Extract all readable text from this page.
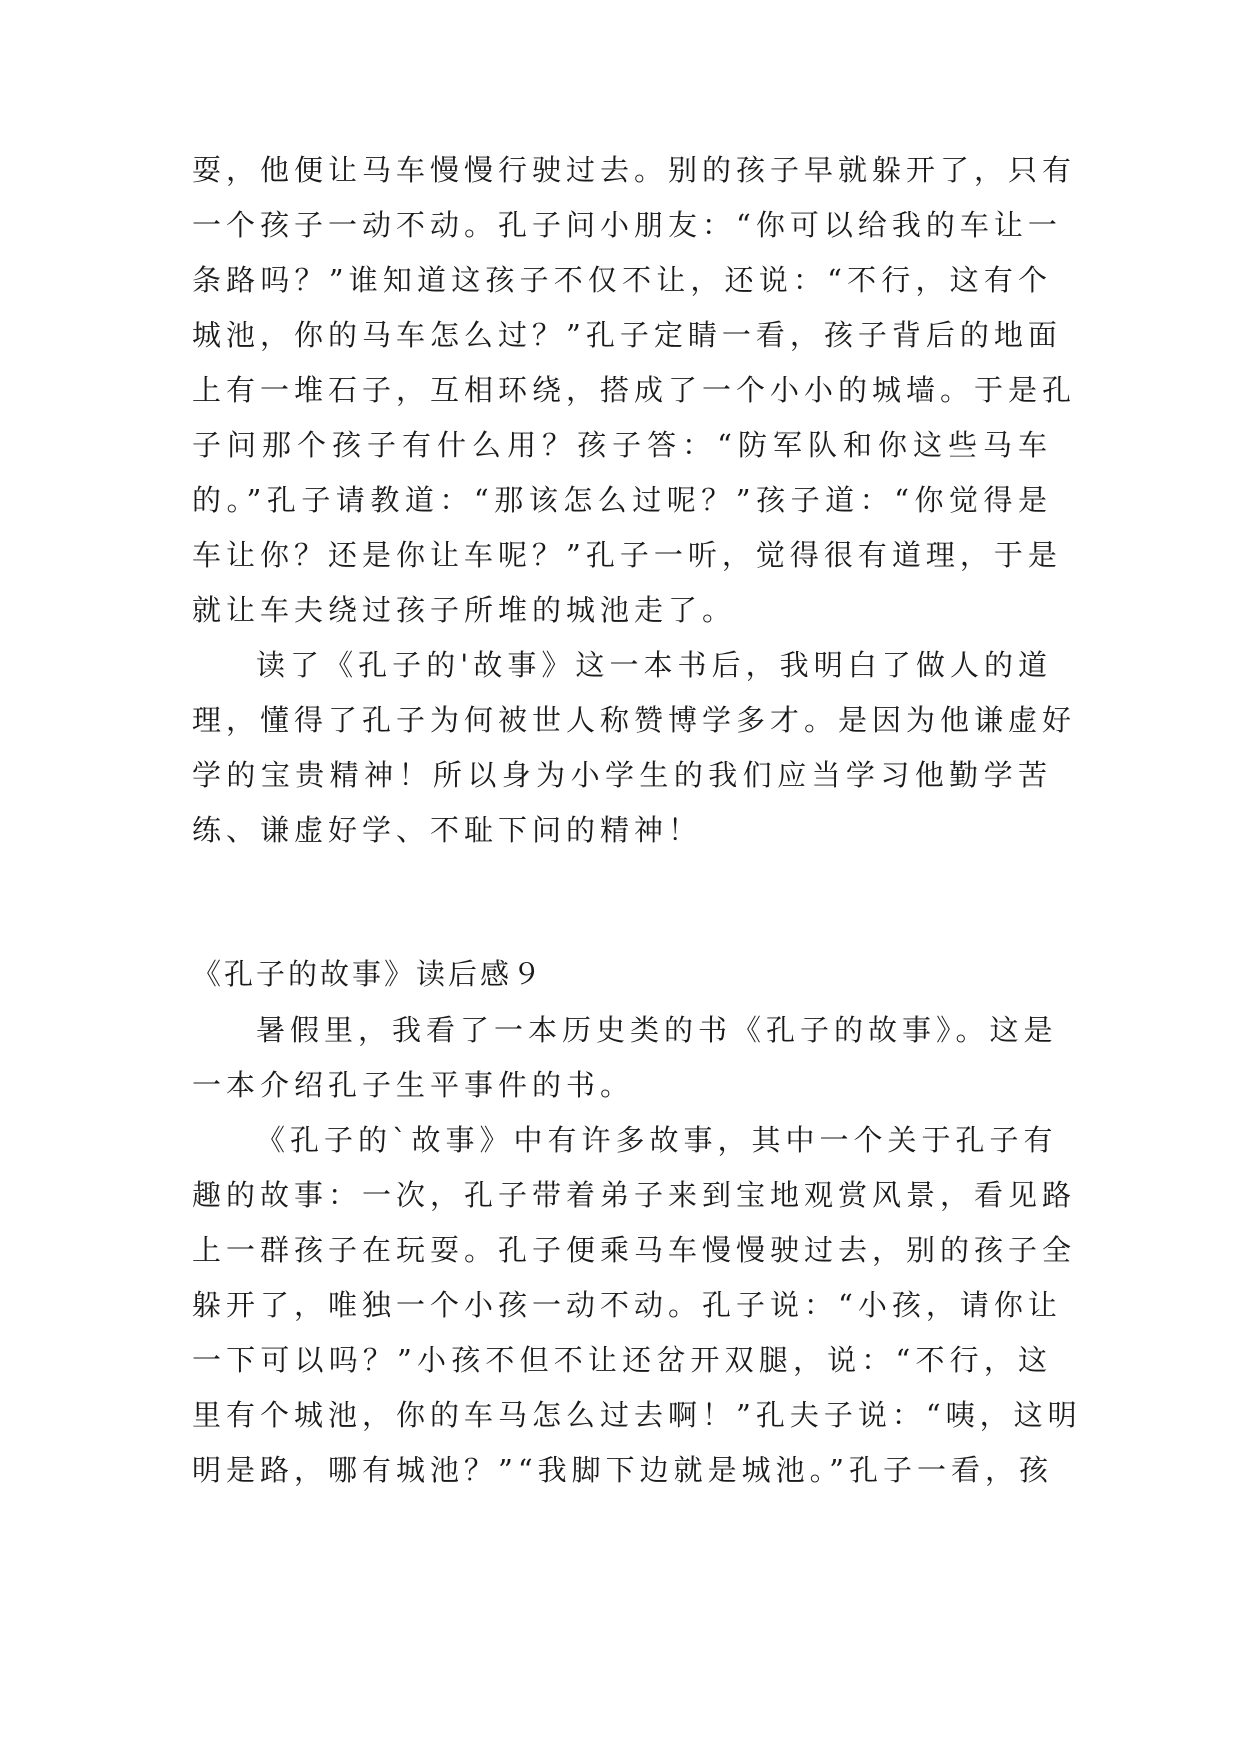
耍，他便让马车慢慢行驶过去。别的孩子早就躲开了，只有
一个孩子一动不动。孔子问小朋友：“你可以给我的车让一
条路吗？”谁知道这孩子不仅不让，还说：“不行，这有个
城池，你的马车怎么过？”孔子定睛一看，孩子背后的地面
上有一堆石子，互相环绕，搭成了一个小小的城墙。于是孔
子问那个孩子有什么用？孩子答：“防军队和你这些马车
的。”孔子请教道：“那该怎么过呢？”孩子道：“你觉得是
车让你？还是你让车呢？”孔子一听，觉得很有道理，于是
就让车夫绕过孩子所堆的城池走了。
读了《孔子的'故事》这一本书后，我明白了做人的道
理，懂得了孔子为何被世人称赞博学多才。是因为他谦虚好
学的宝贵精神！所以身为小学生的我们应当学习他勤学苦
练、谦虚好学、不耻下问的精神！
《孔子的故事》读后感９
暑假里，我看了一本历史类的书《孔子的故事》。这是
一本介绍孔子生平事件的书。
《孔子的`故事》中有许多故事，其中一个关于孔子有
趣的故事：一次，孔子带着弟子来到宝地观赏风景，看见路
上一群孩子在玩耍。孔子便乘马车慢慢驶过去，别的孩子全
躲开了，唯独一个小孩一动不动。孔子说：“小孩，请你让
一下可以吗？”小孩不但不让还岔开双腿，说：“不行，这
里有个城池，你的车马怎么过去啊！”孔夫子说：“咦，这明
明是路，哪有城池？”“我脚下边就是城池。”孔子一看，孩
